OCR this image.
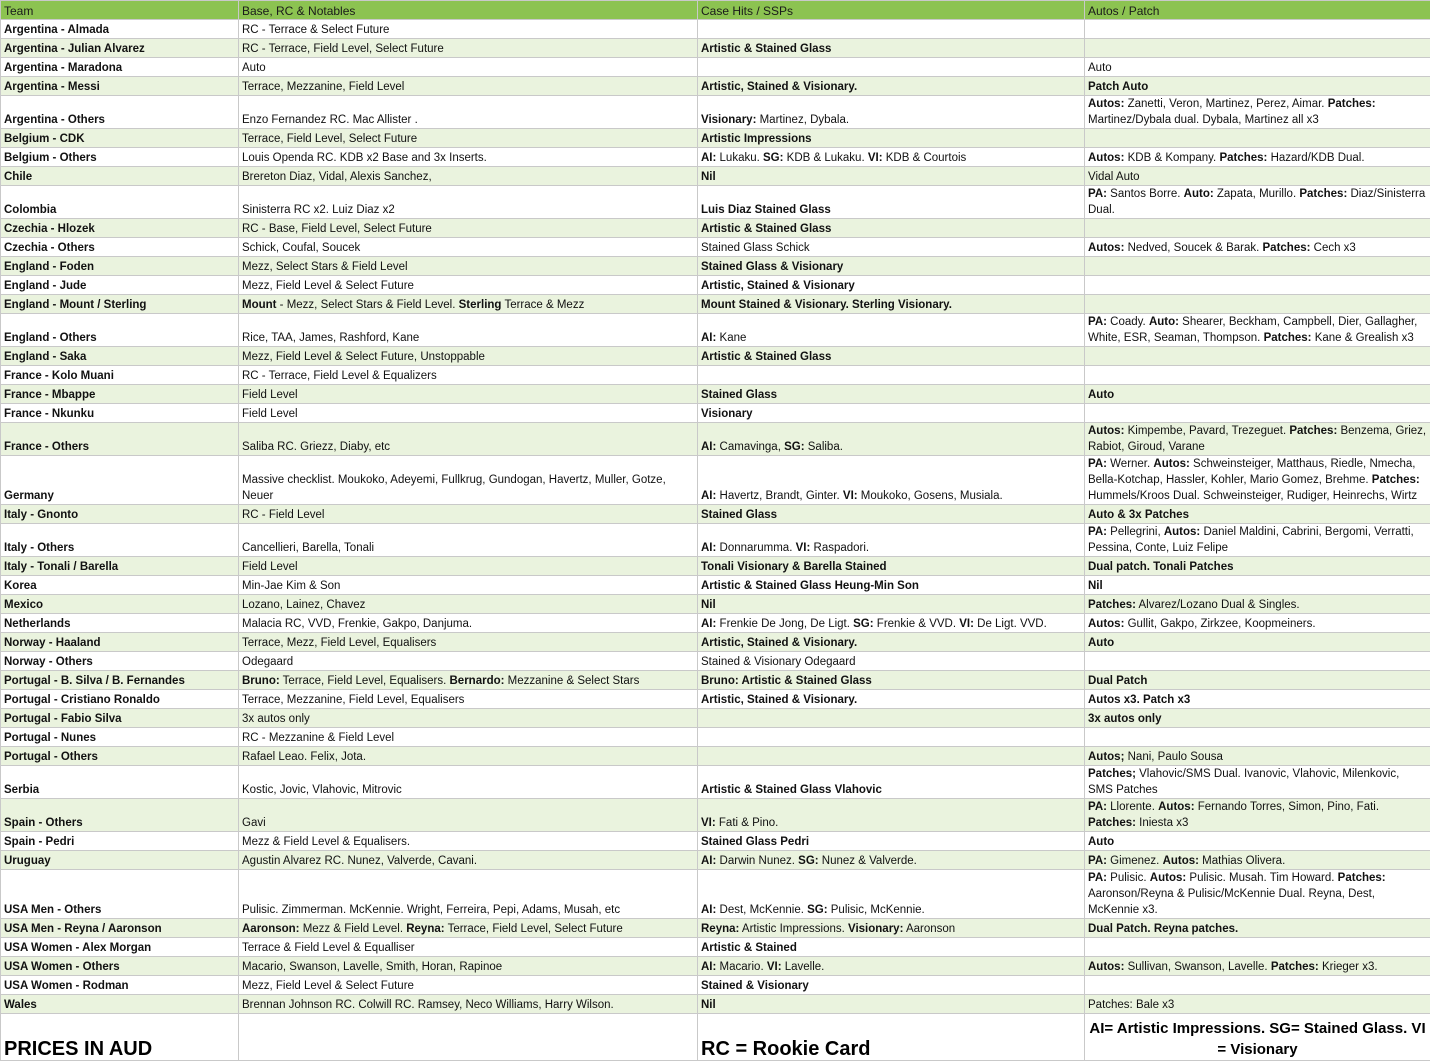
Team	Base, RC & Notables	Case Hits / SSPs	Autos / Patch
Argentina - Almada	RC - Terrace & Select Future		
Argentina - Julian Alvarez	RC - Terrace, Field Level, Select Future	Artistic & Stained Glass	
Argentina - Maradona	Auto		Auto
Argentina - Messi	Terrace, Mezzanine, Field Level	Artistic, Stained & Visionary.	Patch Auto
Argentina - Others	Enzo Fernandez RC. Mac Allister .	Visionary: Martinez, Dybala.	Autos: Zanetti, Veron, Martinez, Perez, Aimar. Patches: Martinez/Dybala dual. Dybala, Martinez all x3
Belgium - CDK	Terrace, Field Level, Select Future	Artistic Impressions	
Belgium - Others	Louis Openda RC. KDB x2 Base and 3x Inserts.	AI: Lukaku. SG: KDB & Lukaku. VI: KDB & Courtois	Autos: KDB & Kompany. Patches: Hazard/KDB Dual.
Chile	Brereton Diaz, Vidal, Alexis Sanchez,	Nil	Vidal Auto
Colombia	Sinisterra RC x2. Luiz Diaz x2	Luis Diaz Stained Glass	PA: Santos Borre. Auto: Zapata, Murillo. Patches: Diaz/Sinisterra Dual.
Czechia - Hlozek	RC - Base, Field Level, Select Future	Artistic & Stained Glass	
Czechia - Others	Schick, Coufal, Soucek	Stained Glass Schick	Autos: Nedved, Soucek & Barak. Patches: Cech x3
England - Foden	Mezz, Select Stars & Field Level	Stained Glass & Visionary	
England - Jude	Mezz, Field Level & Select Future	Artistic, Stained & Visionary	
England - Mount / Sterling	Mount - Mezz, Select Stars & Field Level. Sterling Terrace & Mezz	Mount Stained & Visionary. Sterling Visionary.	
England - Others	Rice, TAA, James, Rashford, Kane	AI: Kane	PA: Coady. Auto: Shearer, Beckham, Campbell, Dier, Gallagher, White, ESR, Seaman, Thompson. Patches: Kane & Grealish x3
England - Saka	Mezz, Field Level & Select Future, Unstoppable	Artistic & Stained Glass	
France - Kolo Muani	RC - Terrace, Field Level & Equalizers		
France - Mbappe	Field Level	Stained Glass	Auto
France - Nkunku	Field Level	Visionary	
France - Others	Saliba RC. Griezz, Diaby, etc	AI: Camavinga, SG: Saliba.	Autos: Kimpembe, Pavard, Trezeguet. Patches: Benzema, Griez, Rabiot, Giroud, Varane
Germany	Massive checklist. Moukoko, Adeyemi, Fullkrug, Gundogan, Havertz, Muller, Gotze, Neuer	AI: Havertz, Brandt, Ginter. VI: Moukoko, Gosens, Musiala.	PA: Werner. Autos: Schweinsteiger, Matthaus, Riedle, Nmecha, Bella-Kotchap, Hassler, Kohler, Mario Gomez, Brehme. Patches: Hummels/Kroos Dual. Schweinsteiger, Rudiger, Heinrechs, Wirtz
Italy - Gnonto	RC - Field Level	Stained Glass	Auto & 3x Patches
Italy - Others	Cancellieri, Barella, Tonali	AI: Donnarumma. VI: Raspadori.	PA: Pellegrini, Autos: Daniel Maldini, Cabrini, Bergomi, Verratti, Pessina, Conte, Luiz Felipe
Italy - Tonali / Barella	Field Level	Tonali Visionary & Barella Stained	Dual patch. Tonali Patches
Korea	Min-Jae Kim & Son	Artistic & Stained Glass Heung-Min Son	Nil
Mexico	Lozano, Lainez, Chavez	Nil	Patches: Alvarez/Lozano Dual & Singles.
Netherlands	Malacia RC, VVD, Frenkie, Gakpo, Danjuma.	AI: Frenkie De Jong, De Ligt. SG: Frenkie & VVD. VI: De Ligt. VVD.	Autos: Gullit, Gakpo, Zirkzee, Koopmeiners.
Norway - Haaland	Terrace, Mezz, Field Level, Equalisers	Artistic, Stained & Visionary.	Auto
Norway - Others	Odegaard	Stained & Visionary Odegaard	
Portugal - B. Silva / B. Fernandes	Bruno: Terrace, Field Level, Equalisers. Bernardo: Mezzanine & Select Stars	Bruno: Artistic & Stained Glass	Dual Patch
Portugal - Cristiano Ronaldo	Terrace, Mezzanine, Field Level, Equalisers	Artistic, Stained & Visionary.	Autos x3. Patch x3
Portugal - Fabio Silva	3x autos only		3x autos only
Portugal - Nunes	RC - Mezzanine & Field Level		
Portugal - Others	Rafael Leao. Felix, Jota.		Autos; Nani, Paulo Sousa
Serbia	Kostic, Jovic, Vlahovic, Mitrovic	Artistic & Stained Glass Vlahovic	Patches; Vlahovic/SMS Dual. Ivanovic, Vlahovic, Milenkovic, SMS Patches
Spain - Others	Gavi	VI: Fati & Pino.	PA: Llorente. Autos: Fernando Torres, Simon, Pino, Fati. Patches: Iniesta x3
Spain - Pedri	Mezz & Field Level & Equalisers.	Stained Glass Pedri	Auto
Uruguay	Agustin Alvarez RC. Nunez, Valverde, Cavani.	AI: Darwin Nunez. SG: Nunez & Valverde.	PA: Gimenez. Autos: Mathias Olivera.
USA Men - Others	Pulisic. Zimmerman. McKennie. Wright, Ferreira, Pepi, Adams, Musah, etc	AI: Dest, McKennie. SG: Pulisic, McKennie.	PA: Pulisic. Autos: Pulisic. Musah. Tim Howard. Patches: Aaronson/Reyna & Pulisic/McKennie Dual. Reyna, Dest, McKennie x3.
USA Men - Reyna / Aaronson	Aaronson: Mezz & Field Level. Reyna: Terrace, Field Level, Select Future	Reyna: Artistic Impressions. Visionary: Aaronson	Dual Patch. Reyna patches.
USA Women - Alex Morgan	Terrace & Field Level & Equalliser	Artistic & Stained	
USA Women - Others	Macario, Swanson, Lavelle, Smith, Horan, Rapinoe	AI: Macario. VI: Lavelle.	Autos: Sullivan, Swanson, Lavelle. Patches: Krieger x3.
USA Women - Rodman	Mezz, Field Level & Select Future	Stained & Visionary	
Wales	Brennan Johnson RC. Colwill RC. Ramsey, Neco Williams, Harry Wilson.	Nil	Patches: Bale x3
PRICES IN AUD		RC = Rookie Card	AI= Artistic Impressions. SG= Stained Glass. VI = Visionary
